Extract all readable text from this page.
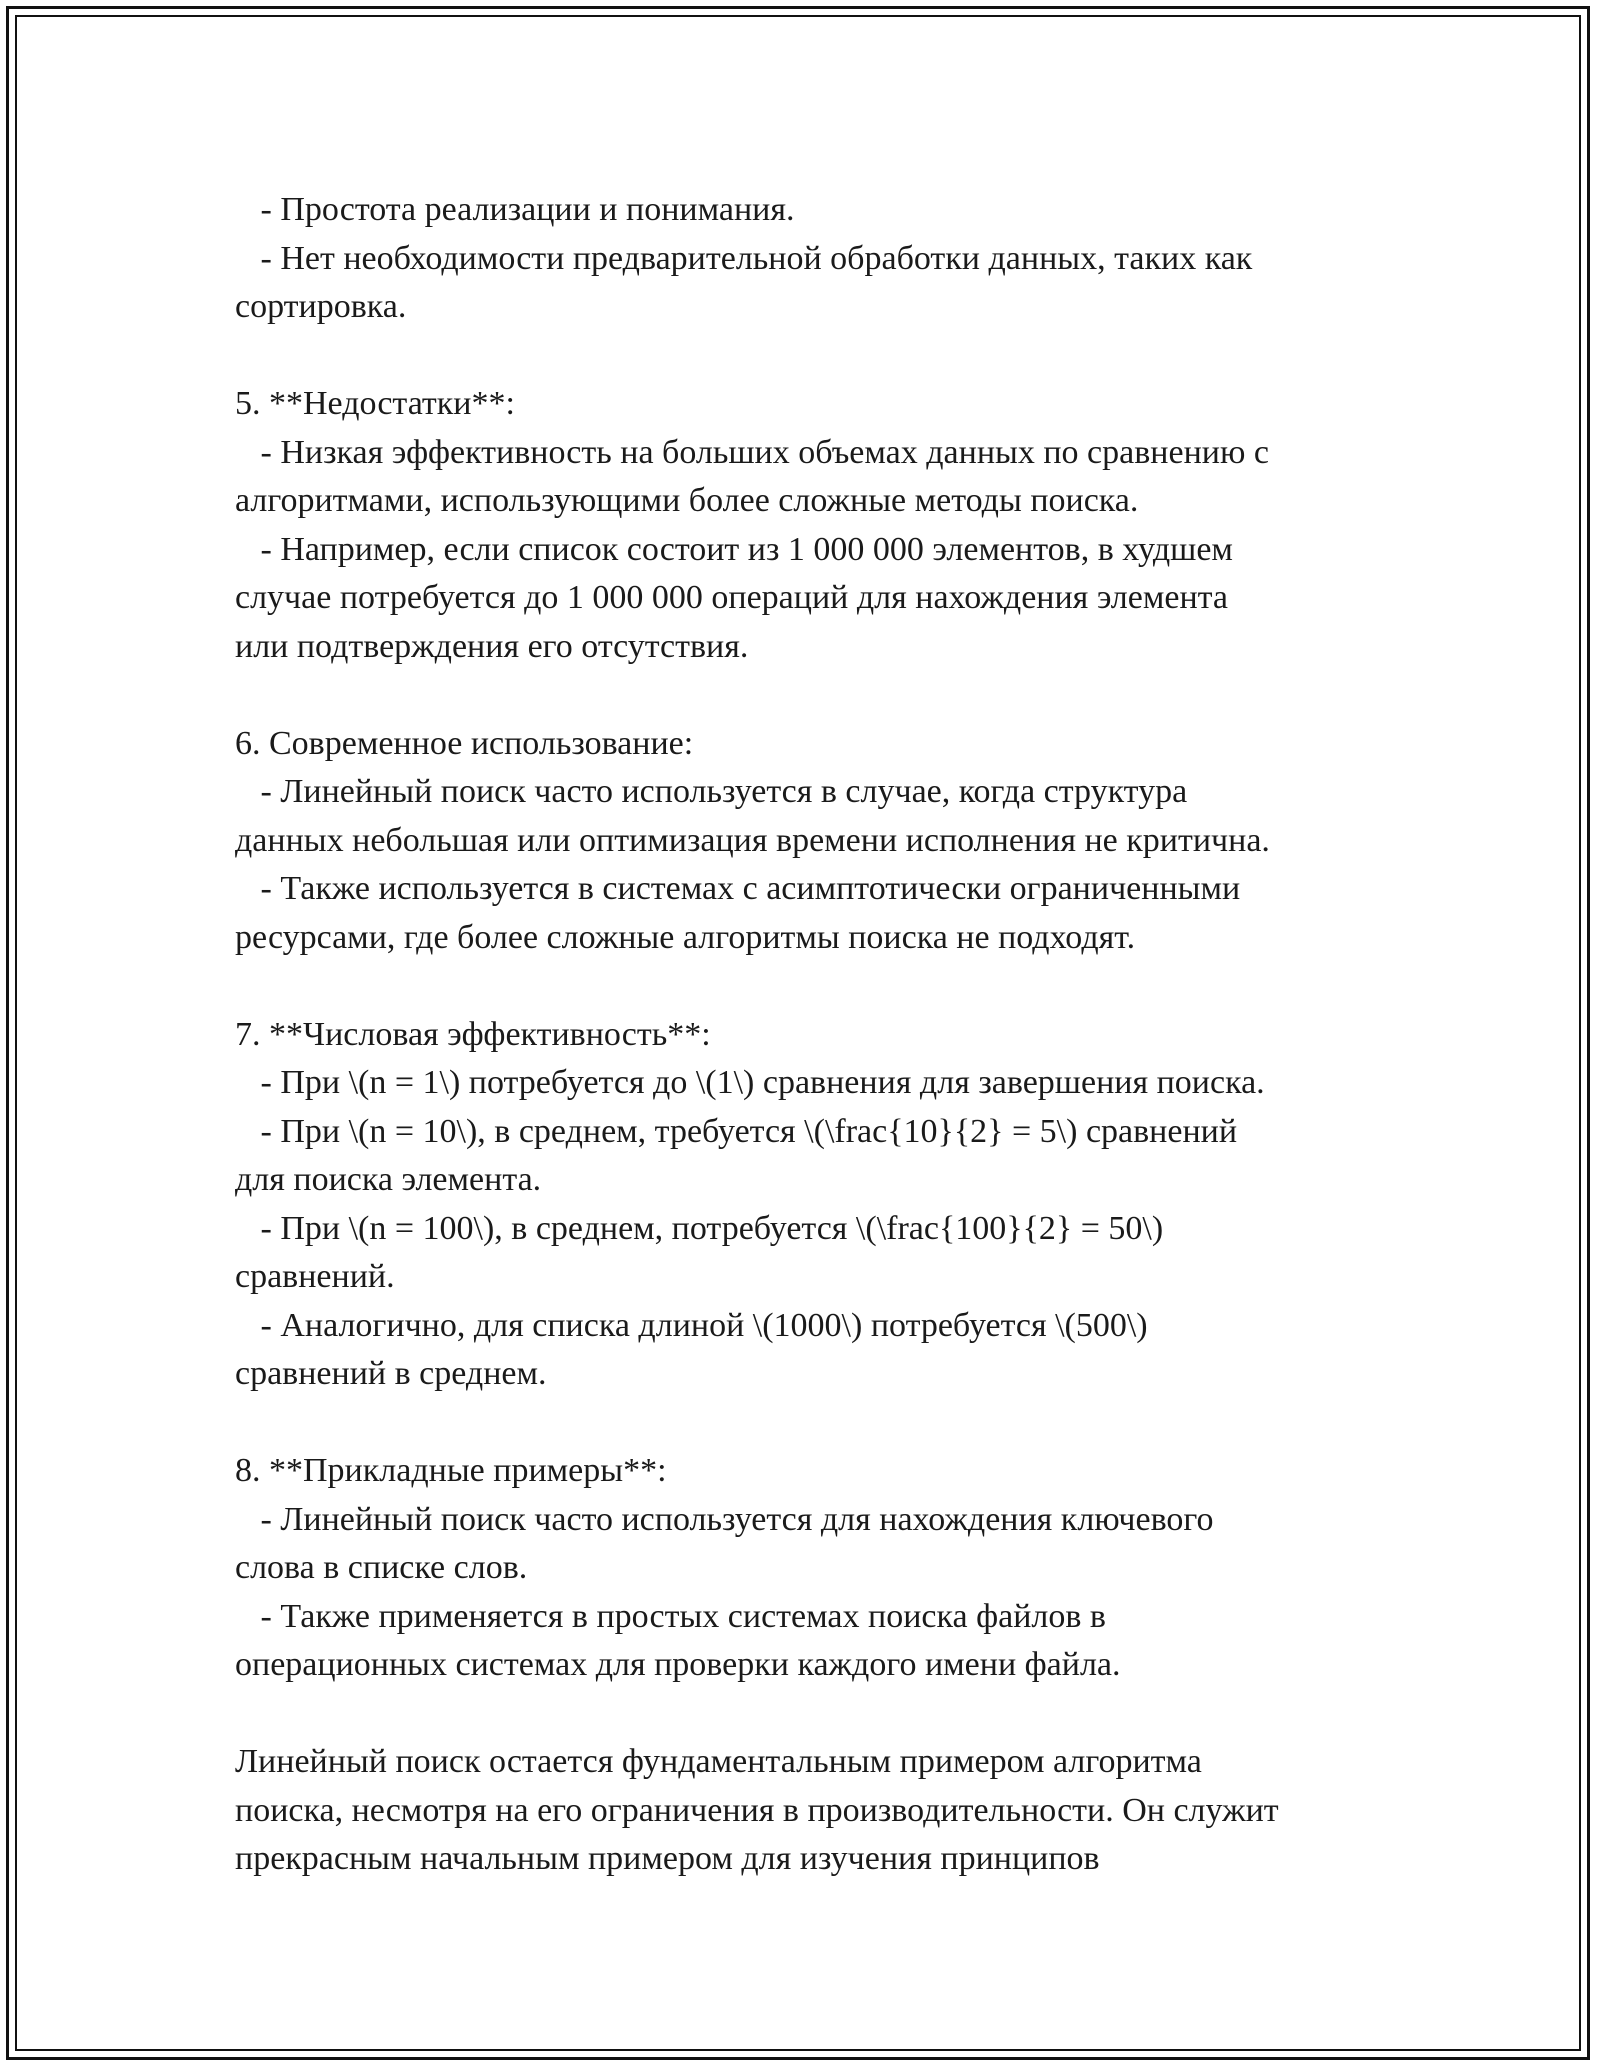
- Простота реализации и понимания.
- Нет необходимости предварительной обработки данных, таких как
сортировка.
5. **Недостатки**:
- Низкая эффективность на больших объемах данных по сравнению с
алгоритмами, использующими более сложные методы поиска.
- Например, если список состоит из 1 000 000 элементов, в худшем
случае потребуется до 1 000 000 операций для нахождения элемента
или подтверждения его отсутствия.
6. Современное использование:
- Линейный поиск часто используется в случае, когда структура
данных небольшая или оптимизация времени исполнения не критична.
- Также используется в системах с асимптотически ограниченными
ресурсами, где более сложные алгоритмы поиска не подходят.
7. **Числовая эффективность**:
- При \(n = 1\) потребуется до \(1\) сравнения для завершения поиска.
- При \(n = 10\), в среднем, требуется \(\frac{10}{2} = 5\) сравнений
для поиска элемента.
- При \(n = 100\), в среднем, потребуется \(\frac{100}{2} = 50\)
сравнений.
- Аналогично, для списка длиной \(1000\) потребуется \(500\)
сравнений в среднем.
8. **Прикладные примеры**:
- Линейный поиск часто используется для нахождения ключевого
слова в списке слов.
- Также применяется в простых системах поиска файлов в
операционных системах для проверки каждого имени файла.
Линейный поиск остается фундаментальным примером алгоритма
поиска, несмотря на его ограничения в производительности. Он служит
прекрасным начальным примером для изучения принципов
